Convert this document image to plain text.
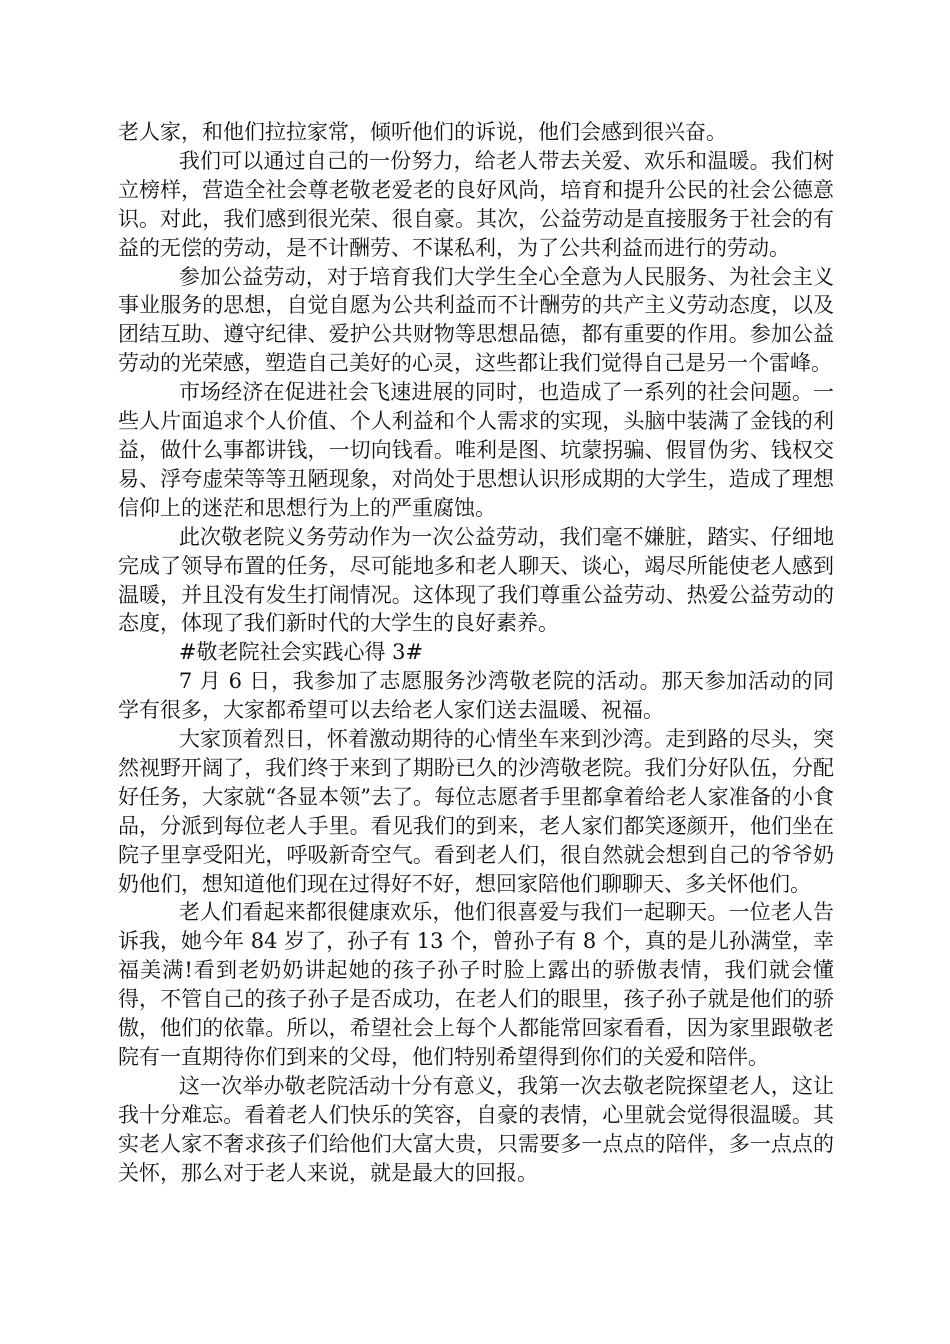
老人家，和他们拉拉家常，倾听他们的诉说，他们会感到很兴奋。

我们可以通过自己的一份努力，给老人带去关爱、欢乐和温暖。我们树立榜样，营造全社会尊老敬老爱老的良好风尚，培育和提升公民的社会公德意识。对此，我们感到很光荣、很自豪。其次，公益劳动是直接服务于社会的有益的无偿的劳动，是不计酬劳、不谋私利，为了公共利益而进行的劳动。

参加公益劳动，对于培育我们大学生全心全意为人民服务、为社会主义事业服务的思想，自觉自愿为公共利益而不计酬劳的共产主义劳动态度，以及团结互助、遵守纪律、爱护公共财物等思想品德，都有重要的作用。参加公益劳动的光荣感，塑造自己美好的心灵，这些都让我们觉得自己是另一个雷峰。

市场经济在促进社会飞速进展的同时，也造成了一系列的社会问题。一些人片面追求个人价值、个人利益和个人需求的实现，头脑中装满了金钱的利益，做什么事都讲钱，一切向钱看。唯利是图、坑蒙拐骗、假冒伪劣、钱权交易、浮夸虚荣等等丑陋现象，对尚处于思想认识形成期的大学生，造成了理想信仰上的迷茫和思想行为上的严重腐蚀。

此次敬老院义务劳动作为一次公益劳动，我们毫不嫌脏，踏实、仔细地完成了领导布置的任务，尽可能地多和老人聊天、谈心，竭尽所能使老人感到温暖，并且没有发生打闹情况。这体现了我们尊重公益劳动、热爱公益劳动的态度，体现了我们新时代的大学生的良好素养。

#敬老院社会实践心得 3#

7 月 6 日，我参加了志愿服务沙湾敬老院的活动。那天参加活动的同学有很多，大家都希望可以去给老人家们送去温暖、祝福。

大家顶着烈日，怀着激动期待的心情坐车来到沙湾。走到路的尽头，突然视野开阔了，我们终于来到了期盼已久的沙湾敬老院。我们分好队伍，分配好任务，大家就“各显本领”去了。每位志愿者手里都拿着给老人家准备的小食品，分派到每位老人手里。看见我们的到来，老人家们都笑逐颜开，他们坐在院子里享受阳光，呼吸新奇空气。看到老人们，很自然就会想到自己的爷爷奶奶他们，想知道他们现在过得好不好，想回家陪他们聊聊天、多关怀他们。

老人们看起来都很健康欢乐，他们很喜爱与我们一起聊天。一位老人告诉我，她今年 84 岁了，孙子有 13 个，曾孙子有 8 个，真的是儿孙满堂，幸福美满!看到老奶奶讲起她的孩子孙子时脸上露出的骄傲表情，我们就会懂得，不管自己的孩子孙子是否成功，在老人们的眼里，孩子孙子就是他们的骄傲，他们的依靠。所以，希望社会上每个人都能常回家看看，因为家里跟敬老院有一直期待你们到来的父母，他们特别希望得到你们的关爱和陪伴。

这一次举办敬老院活动十分有意义，我第一次去敬老院探望老人，这让我十分难忘。看着老人们快乐的笑容，自豪的表情，心里就会觉得很温暖。其实老人家不奢求孩子们给他们大富大贵，只需要多一点点的陪伴，多一点点的关怀，那么对于老人来说，就是最大的回报。
